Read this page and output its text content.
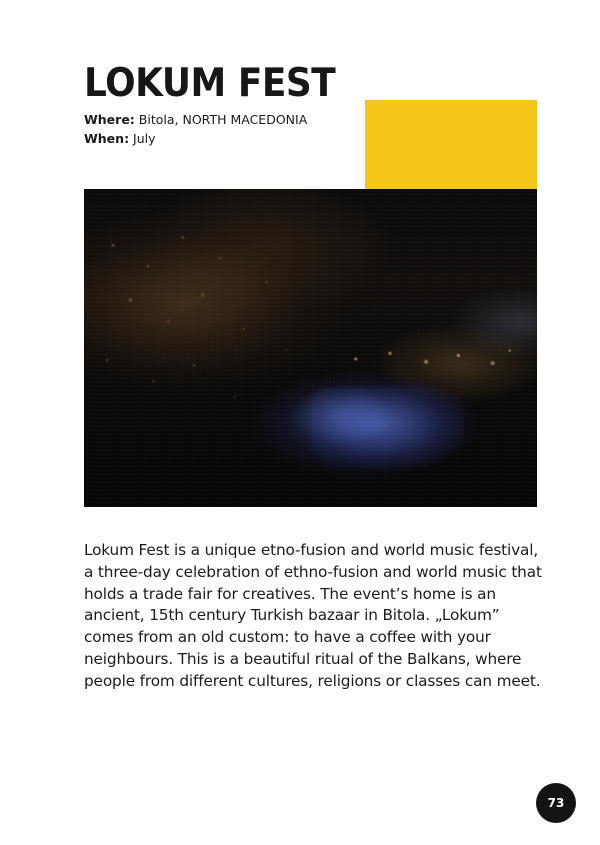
LOKUM FEST
Where: Bitola, NORTH MACEDONIA
When: July

Lokum Fest is a unique etno-fusion and world music festival, a three-day celebration of ethno-fusion and world music that holds a trade fair for creatives. The event’s home is an ancient, 15th century Turkish bazaar in Bitola. „Lokum” comes from an old custom: to have a coffee with your neighbours. This is a beautiful ritual of the Balkans, where people from different cultures, religions or classes can meet.

73
